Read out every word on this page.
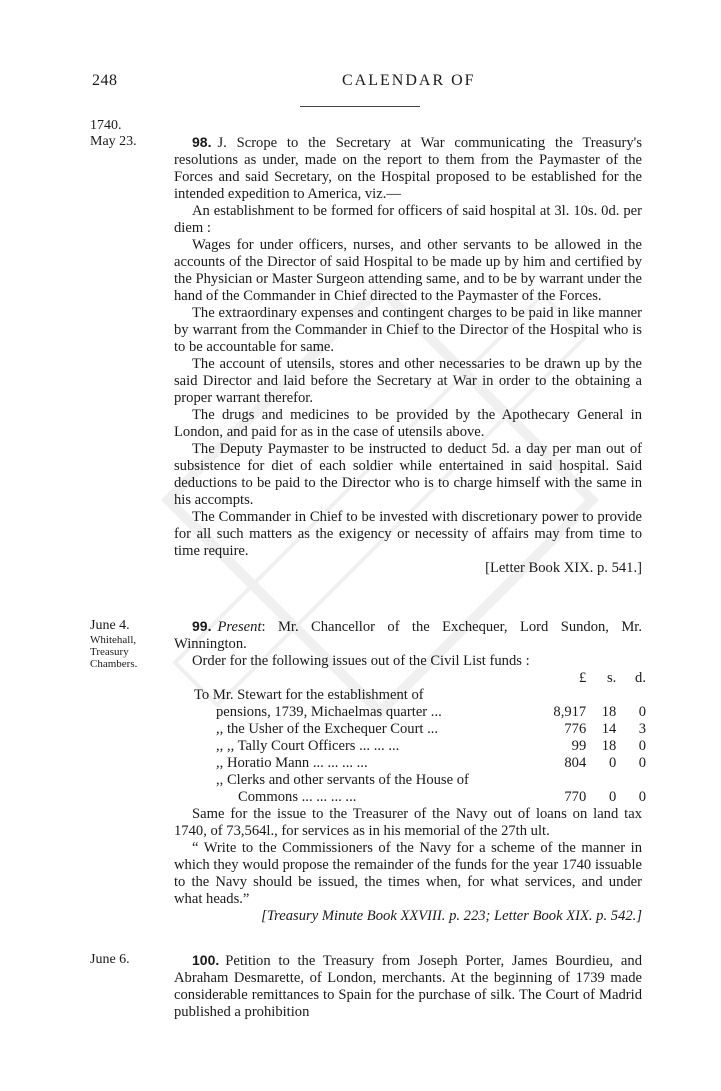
248	CALENDAR OF
1740.
May 23.	98. J. Scrope to the Secretary at War communicating the Treasury's resolutions as under, made on the report to them from the Paymaster of the Forces and said Secretary, on the Hospital proposed to be established for the intended expedition to America, viz.—

An establishment to be formed for officers of said hospital at 3l. 10s. 0d. per diem :

Wages for under officers, nurses, and other servants to be allowed in the accounts of the Director of said Hospital to be made up by him and certified by the Physician or Master Surgeon attending same, and to be by warrant under the hand of the Commander in Chief directed to the Paymaster of the Forces.

The extraordinary expenses and contingent charges to be paid in like manner by warrant from the Commander in Chief to the Director of the Hospital who is to be accountable for same.

The account of utensils, stores and other necessaries to be drawn up by the said Director and laid before the Secretary at War in order to the obtaining a proper warrant therefor.

The drugs and medicines to be provided by the Apothecary General in London, and paid for as in the case of utensils above.

The Deputy Paymaster to be instructed to deduct 5d. a day per man out of subsistence for diet of each soldier while entertained in said hospital. Said deductions to be paid to the Director who is to charge himself with the same in his accompts.

The Commander in Chief to be invested with discretionary power to provide for all such matters as the exigency or necessity of affairs may from time to time require.

[Letter Book XIX. p. 541.]

June 4.
Whitehall,
Treasury
Chambers.

99. Present: Mr. Chancellor of the Exchequer, Lord Sundon, Mr. Winnington.

Order for the following issues out of the Civil List funds :

	£	s.	d.
To Mr. Stewart for the establishment of			
pensions, 1739, Michaelmas quarter ...	8,917	18	0
,, the Usher of the Exchequer Court ...	776	14	3
,, ,, Tally Court Officers ... ... ...	99	18	0
,, Horatio Mann ... ... ... ...	804	0	0
,, Clerks and other servants of the House of			
Commons ... ... ... ...	770	0	0

Same for the issue to the Treasurer of the Navy out of loans on land tax 1740, of 73,564l., for services as in his memorial of the 27th ult.

“ Write to the Commissioners of the Navy for a scheme of the manner in which they would propose the remainder of the funds for the year 1740 issuable to the Navy should be issued, the times when, for what services, and under what heads.”

[Treasury Minute Book XXVIII. p. 223; Letter Book XIX. p. 542.]

June 6.	100. Petition to the Treasury from Joseph Porter, James Bourdieu, and Abraham Desmarette, of London, merchants. At the beginning of 1739 made considerable remittances to Spain for the purchase of silk. The Court of Madrid published a prohibition
